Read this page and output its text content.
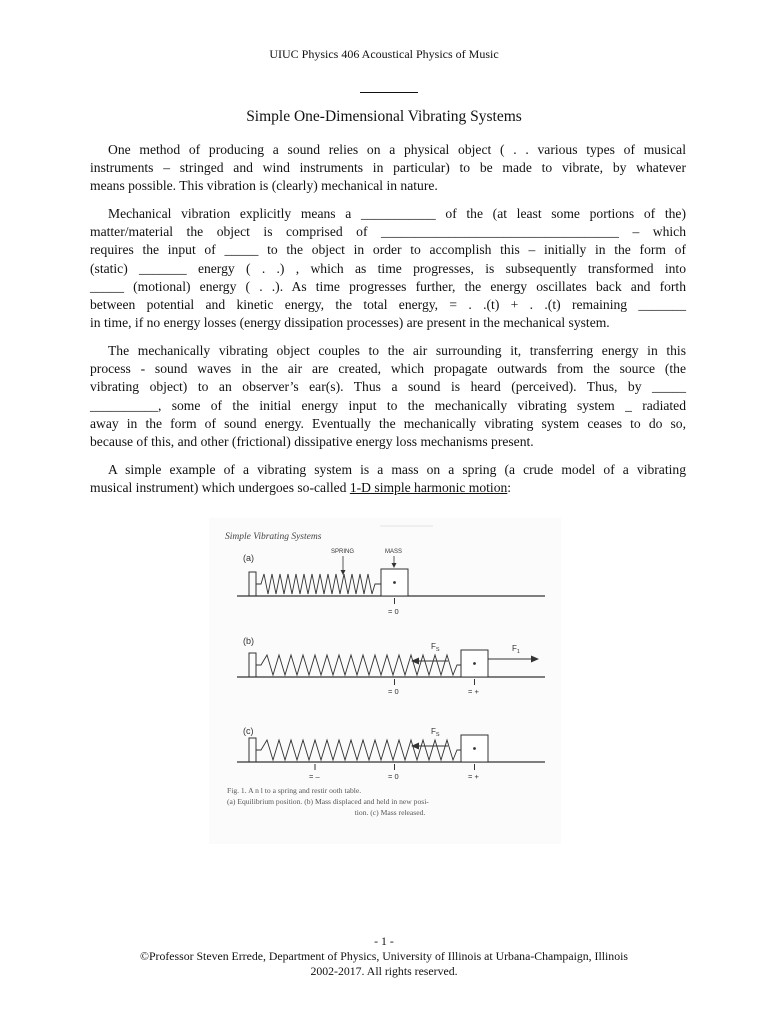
UIUC Physics 406 Acoustical Physics of Music
Simple One-Dimensional Vibrating Systems
One method of producing a sound relies on a physical object ( . . various types of musical
instruments – stringed and wind instruments in particular) to be made to vibrate, by whatever
means possible. This vibration is (clearly) mechanical in nature.
Mechanical vibration explicitly means a ___________ of the (at least some portions of the)
matter/material the object is comprised of ___________________________________ – which
requires the input of _____ to the object in order to accomplish this – initially in the form of
(static) _______ energy ( . .) , which as time progresses, is subsequently transformed into
_____ (motional) energy ( . .). As time progresses further, the energy oscillates back and forth
between potential and kinetic energy, the total energy, = . .(t) + . .(t) remaining _______
in time, if no energy losses (energy dissipation processes) are present in the mechanical system.
The mechanically vibrating object couples to the air surrounding it, transferring energy in this
process - sound waves in the air are created, which propagate outwards from the source (the
vibrating object) to an observer’s ear(s). Thus a sound is heard (perceived). Thus, by _____
__________, some of the initial energy input to the mechanically vibrating system _ radiated
away in the form of sound energy. Eventually the mechanically vibrating system ceases to do so,
because of this, and other (frictional) dissipative energy loss mechanisms present.
A simple example of a vibrating system is a mass on a spring (a crude model of a vibrating
musical instrument) which undergoes so-called 1-D simple harmonic motion:
Simple Vibrating Systems
(a)
SPRING	MASS
= 0
(b)
$F_S$	$F_1$
= 0	= +
(c)	$F_S$
= –	= 0	= +
Fig. 1. A n l to a spring and restir ooth table.
(a) Equilibrium position. (b) Mass displaced and held in new posi-
tion. (c) Mass released.
- 1 -
©Professor Steven Errede, Department of Physics, University of Illinois at Urbana-Champaign, Illinois
2002-2017. All rights reserved.
